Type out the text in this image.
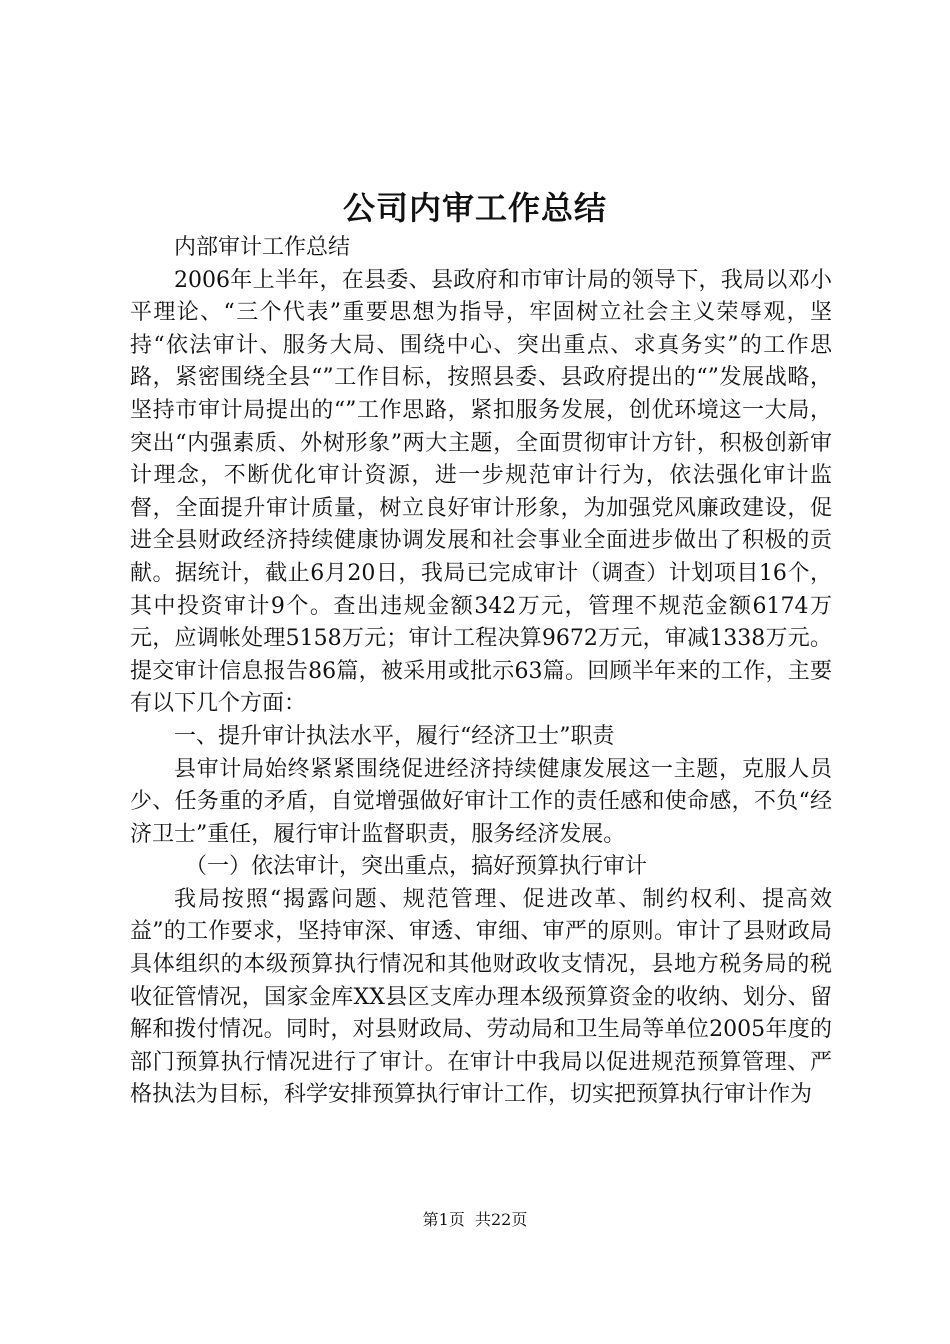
公司内审工作总结

内部审计工作总结

2006年上半年，在县委、县政府和市审计局的领导下，我局以邓小平理论、“三个代表”重要思想为指导，牢固树立社会主义荣辱观，坚持“依法审计、服务大局、围绕中心、突出重点、求真务实”的工作思路，紧密围绕全县“”工作目标，按照县委、县政府提出的“”发展战略，坚持市审计局提出的“”工作思路，紧扣服务发展，创优环境这一大局，突出“内强素质、外树形象”两大主题，全面贯彻审计方针，积极创新审计理念，不断优化审计资源，进一步规范审计行为，依法强化审计监督，全面提升审计质量，树立良好审计形象，为加强党风廉政建设，促进全县财政经济持续健康协调发展和社会事业全面进步做出了积极的贡献。据统计，截止6月20日，我局已完成审计（调查）计划项目16个，其中投资审计9个。查出违规金额342万元，管理不规范金额6174万元，应调帐处理5158万元；审计工程决算9672万元，审减1338万元。提交审计信息报告86篇，被采用或批示63篇。回顾半年来的工作，主要有以下几个方面：

一、提升审计执法水平，履行“经济卫士”职责

县审计局始终紧紧围绕促进经济持续健康发展这一主题，克服人员少、任务重的矛盾，自觉增强做好审计工作的责任感和使命感，不负“经济卫士”重任，履行审计监督职责，服务经济发展。

（一）依法审计，突出重点，搞好预算执行审计

我局按照“揭露问题、规范管理、促进改革、制约权利、提高效益”的工作要求，坚持审深、审透、审细、审严的原则。审计了县财政局具体组织的本级预算执行情况和其他财政收支情况，县地方税务局的税收征管情况，国家金库XX县区支库办理本级预算资金的收纳、划分、留解和拨付情况。同时，对县财政局、劳动局和卫生局等单位2005年度的部门预算执行情况进行了审计。在审计中我局以促进规范预算管理、严格执法为目标，科学安排预算执行审计工作，切实把预算执行审计作为

第1页  共22页
